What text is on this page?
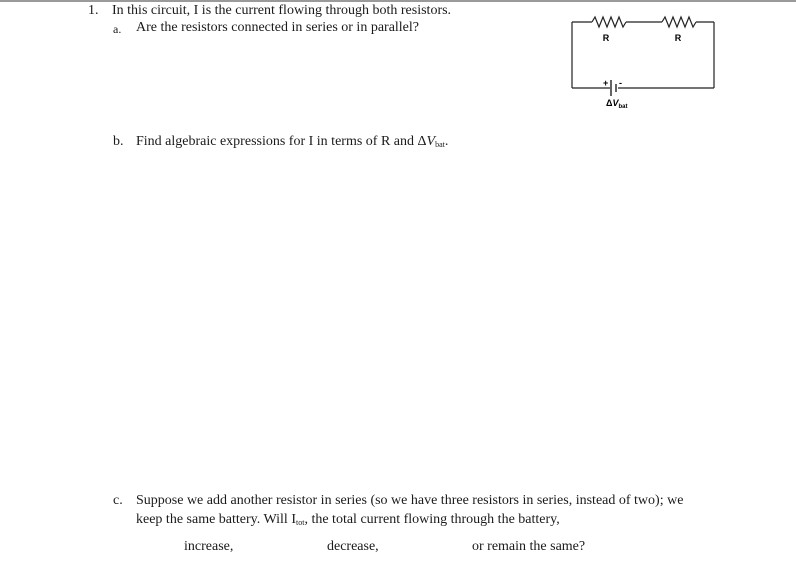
1. In this circuit, I is the current flowing through both resistors.
a. Are the resistors connected in series or in parallel?
R	R
+ -
$\Delta V_{bat}$
b. Find algebraic expressions for I in terms of R and $\Delta V_{bat}$.
c. Suppose we add another resistor in series (so we have three resistors in series, instead of two); we
keep the same battery. Will $I_{tot}$, the total current flowing through the battery,
increase,	decrease,	or remain the same?
